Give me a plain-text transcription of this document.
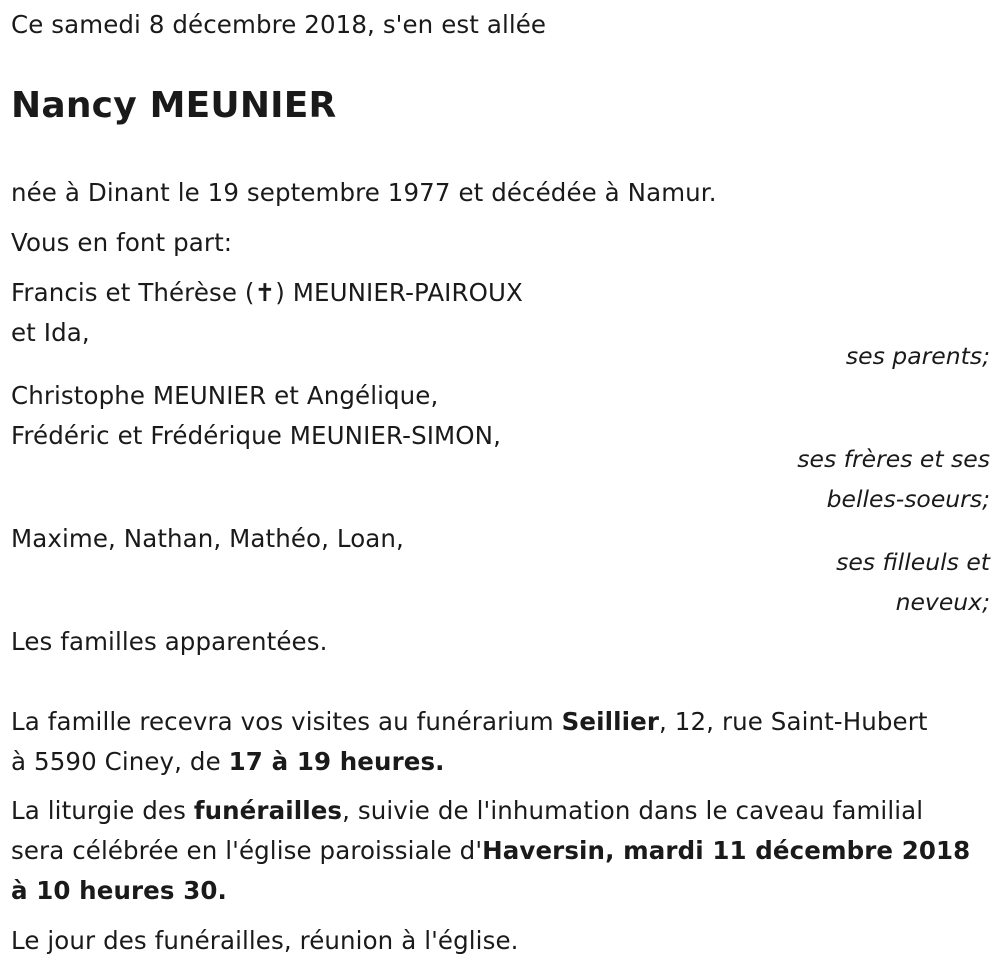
Ce samedi 8 décembre 2018, s'en est allée
Nancy MEUNIER
née à Dinant le 19 septembre 1977 et décédée à Namur.
Vous en font part:
Francis et Thérèse (✝) MEUNIER-PAIROUX
et Ida,
ses parents;
Christophe MEUNIER et Angélique,
Frédéric et Frédérique MEUNIER-SIMON,
ses frères et ses
belles-soeurs;
Maxime, Nathan, Mathéo, Loan,
ses filleuls et
neveux;
Les familles apparentées.
La famille recevra vos visites au funérarium Seillier, 12, rue Saint-Hubert
à 5590 Ciney, de 17 à 19 heures.
La liturgie des funérailles, suivie de l'inhumation dans le caveau familial
sera célébrée en l'église paroissiale d'Haversin, mardi 11 décembre 2018
à 10 heures 30.
Le jour des funérailles, réunion à l'église.
